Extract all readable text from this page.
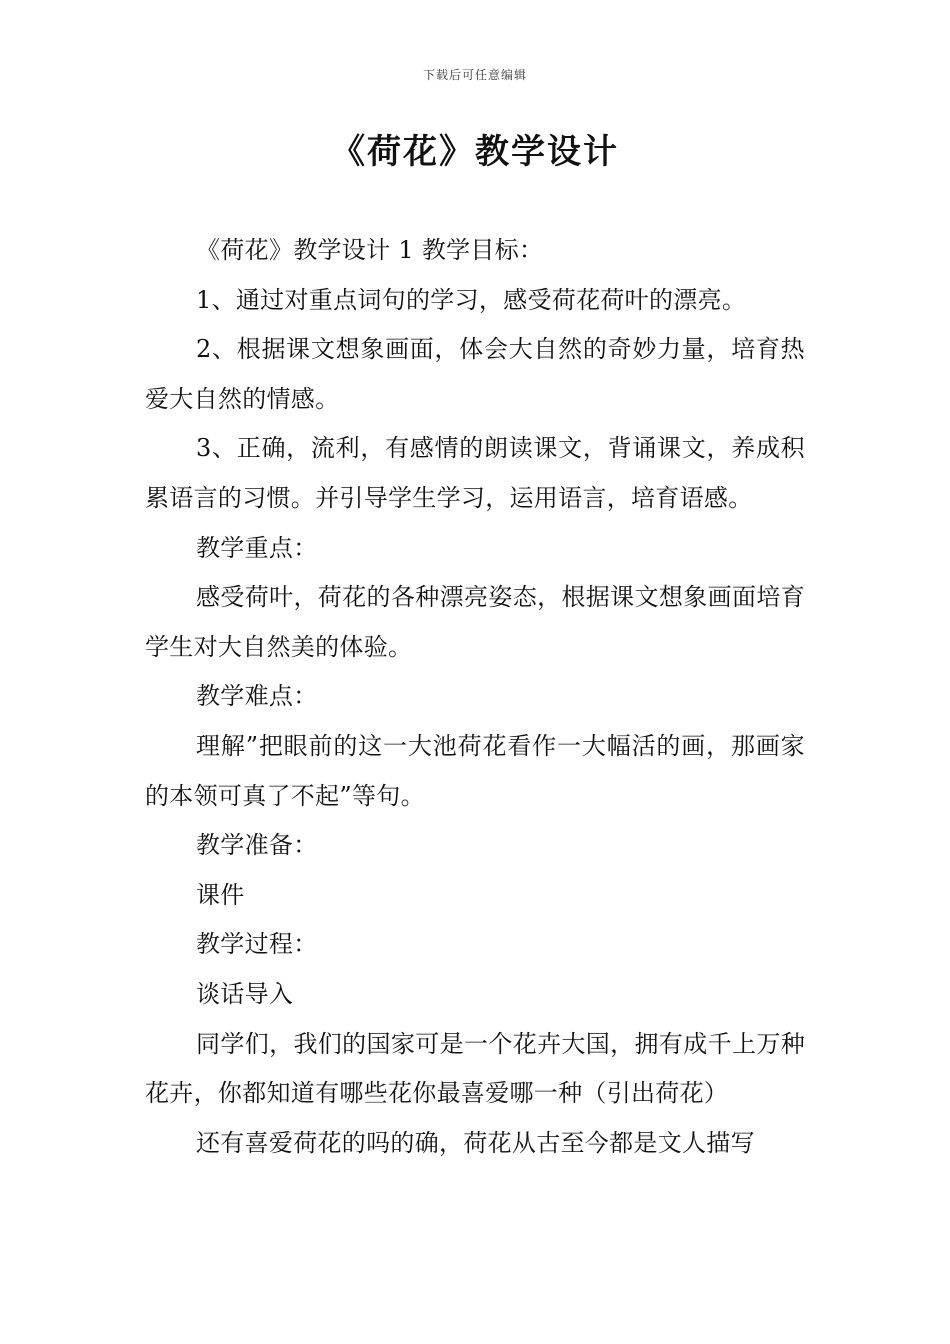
下载后可任意编辑
《荷花》教学设计

《荷花》教学设计 1 教学目标：

1、通过对重点词句的学习，感受荷花荷叶的漂亮。

2、根据课文想象画面，体会大自然的奇妙力量，培育热爱大自然的情感。

3、正确，流利，有感情的朗读课文，背诵课文，养成积累语言的习惯。并引导学生学习，运用语言，培育语感。

教学重点：

感受荷叶，荷花的各种漂亮姿态，根据课文想象画面培育学生对大自然美的体验。

教学难点：

理解”把眼前的这一大池荷花看作一大幅活的画，那画家的本领可真了不起”等句。

教学准备：

课件

教学过程：

谈话导入

同学们，我们的国家可是一个花卉大国，拥有成千上万种花卉，你都知道有哪些花你最喜爱哪一种（引出荷花）

还有喜爱荷花的吗的确，荷花从古至今都是文人描写
